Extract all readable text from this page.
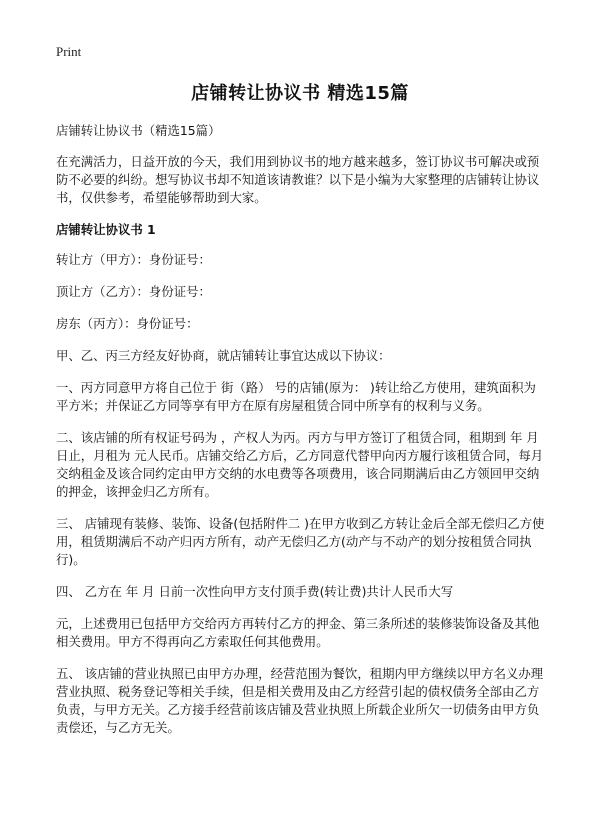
Print
店铺转让协议书 精选15篇

店铺转让协议书（精选15篇）

在充满活力，日益开放的今天，我们用到协议书的地方越来越多，签订协议书可解决或预防不必要的纠纷。想写协议书却不知道该请教谁？以下是小编为大家整理的店铺转让协议书，仅供参考，希望能够帮助到大家。

店铺转让协议书 1

转让方（甲方）：身份证号：

顶让方（乙方）：身份证号：

房东（丙方）：身份证号：

甲、乙、丙三方经友好协商，就店铺转让事宜达成以下协议：

一、丙方同意甲方将自己位于 街（路） 号的店铺(原为： )转让给乙方使用，建筑面积为 平方米；并保证乙方同等享有甲方在原有房屋租赁合同中所享有的权利与义务。

二、该店铺的所有权证号码为 ，产权人为丙。丙方与甲方签订了租赁合同，租期到 年 月 日止，月租为 元人民币。店铺交给乙方后，乙方同意代替甲向丙方履行该租赁合同，每月交纳租金及该合同约定由甲方交纳的水电费等各项费用，该合同期满后由乙方领回甲交纳的押金，该押金归乙方所有。

三、 店铺现有装修、装饰、设备(包括附件二 )在甲方收到乙方转让金后全部无偿归乙方使用，租赁期满后不动产归丙方所有，动产无偿归乙方(动产与不动产的划分按租赁合同执行)。

四、 乙方在 年 月 日前一次性向甲方支付顶手费(转让费)共计人民币大写

元，上述费用已包括甲方交给丙方再转付乙方的押金、第三条所述的装修装饰设备及其他相关费用。甲方不得再向乙方索取任何其他费用。

五、 该店铺的营业执照已由甲方办理，经营范围为餐饮，租期内甲方继续以甲方名义办理营业执照、税务登记等相关手续，但是相关费用及由乙方经营引起的债权债务全部由乙方负责，与甲方无关。乙方接手经营前该店铺及营业执照上所载企业所欠一切债务由甲方负责偿还，与乙方无关。
